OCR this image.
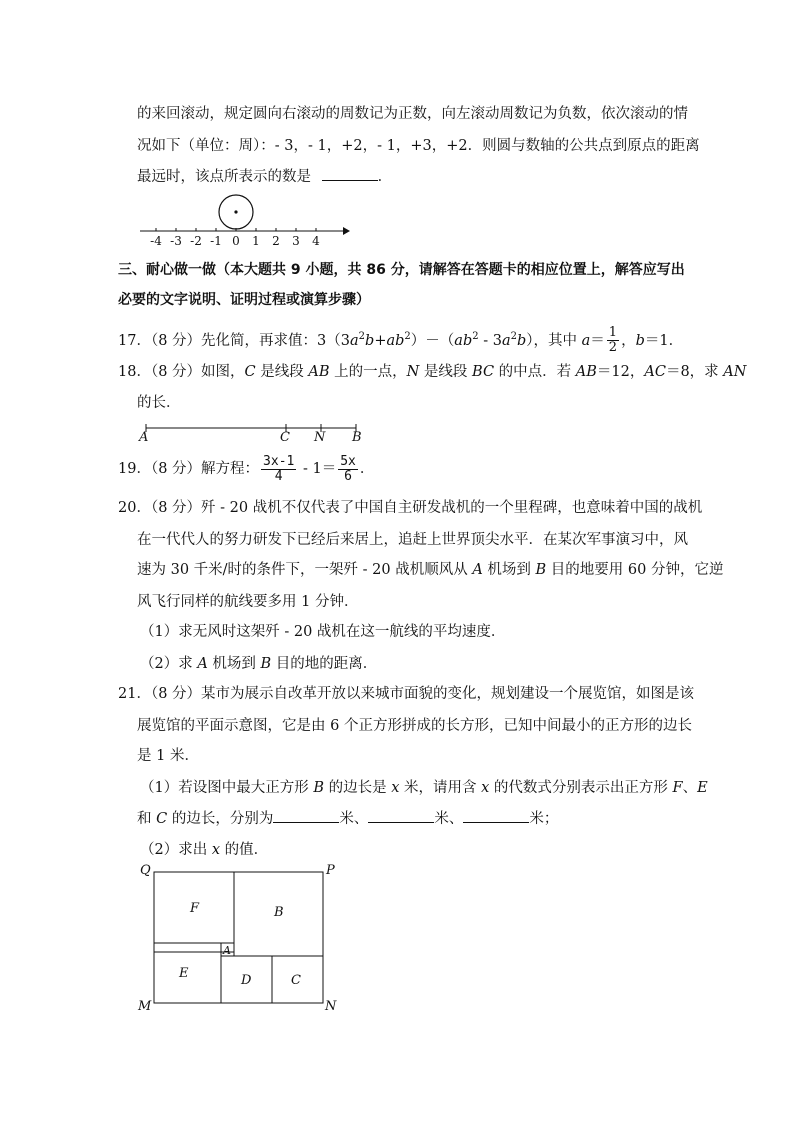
的来回滚动，规定圆向右滚动的周数记为正数，向左滚动周数记为负数，依次滚动的情
况如下（单位：周）：- 3，- 1，+2，- 1，+3，+2．则圆与数轴的公共点到原点的距离
最远时，该点所表示的数是	．
-4 -3 -2 -1 0 1 2 3 4
三、耐心做一做（本大题共 9 小题，共 86 分，请解答在答题卡的相应位置上，解答应写出
必要的文字说明、证明过程或演算步骤）
17．（8 分）先化简，再求值：$3(3a^2b+ab^2)-(ab^2 - 3a^2b)$，其中 $a= \frac{1}{2}$ ，b＝1．
18．（8 分）如图，C 是线段 AB 上的一点，N 是线段 BC 的中点．若 AB＝12，AC＝8，求 AN
的长．
A	C N B
19．（8 分）解方程： $\frac{3x-1}{4} - 1= \frac{5x}{6}$ ．
20．（8 分）歼 - 20 战机不仅代表了中国自主研发战机的一个里程碑，也意味着中国的战机
在一代代人的努力研发下已经后来居上，追赶上世界顶尖水平．在某次军事演习中，风
速为 30 千米/时的条件下，一架歼 - 20 战机顺风从 A 机场到 B 目的地要用 60 分钟，它逆
风飞行同样的航线要多用 1 分钟．
（1）求无风时这架歼 - 20 战机在这一航线的平均速度．
（2）求 A 机场到 B 目的地的距离．
21．（8 分）某市为展示自改革开放以来城市面貌的变化，规划建设一个展览馆，如图是该
展览馆的平面示意图，它是由 6 个正方形拼成的长方形，已知中间最小的正方形的边长
是 1 米．
（1）若设图中最大正方形 B 的边长是 x 米，请用含 x 的代数式分别表示出正方形 F、E
和 C 的边长，分别为	米、	米、	米；
（2）求出 x 的值．
Q	P
M	N
F	B
A
E	D	C
